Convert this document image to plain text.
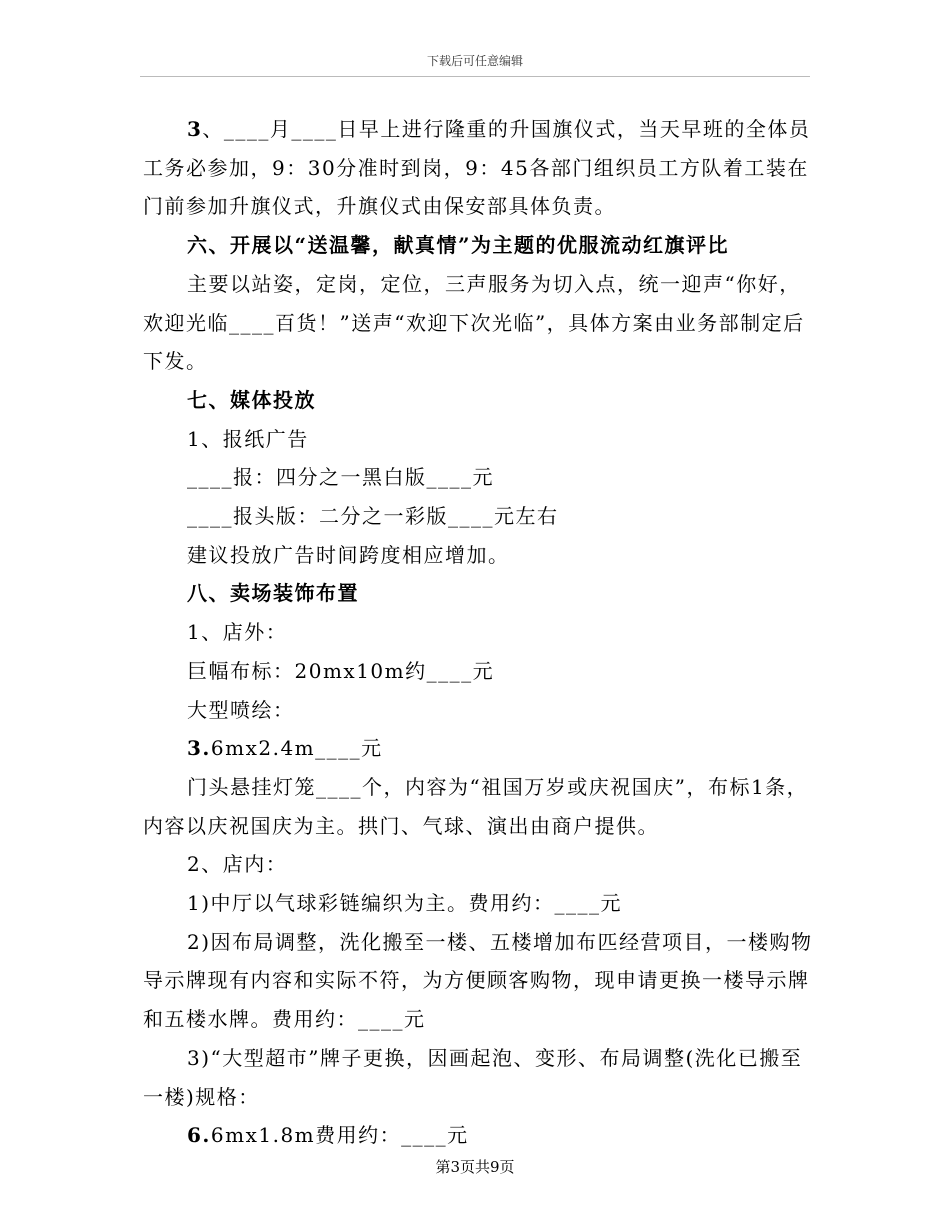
下载后可任意编辑

3、____月____日早上进行隆重的升国旗仪式，当天早班的全体员工务必参加，9：30分准时到岗，9：45各部门组织员工方队着工装在门前参加升旗仪式，升旗仪式由保安部具体负责。

六、开展以“送温馨，献真情”为主题的优服流动红旗评比

主要以站姿，定岗，定位，三声服务为切入点，统一迎声“你好，欢迎光临____百货！”送声“欢迎下次光临”，具体方案由业务部制定后下发。

七、媒体投放

1、报纸广告

____报：四分之一黑白版____元

____报头版：二分之一彩版____元左右

建议投放广告时间跨度相应增加。

八、卖场装饰布置

1、店外：

巨幅布标：20mx10m约____元

大型喷绘：

3.6mx2.4m____元

门头悬挂灯笼____个，内容为“祖国万岁或庆祝国庆”，布标1条，内容以庆祝国庆为主。拱门、气球、演出由商户提供。

2、店内：

1)中厅以气球彩链编织为主。费用约：____元

2)因布局调整，洗化搬至一楼、五楼增加布匹经营项目，一楼购物导示牌现有内容和实际不符，为方便顾客购物，现申请更换一楼导示牌和五楼水牌。费用约：____元

3)“大型超市”牌子更换，因画起泡、变形、布局调整(洗化已搬至一楼)规格：

6.6mx1.8m费用约：____元

第3页共9页
